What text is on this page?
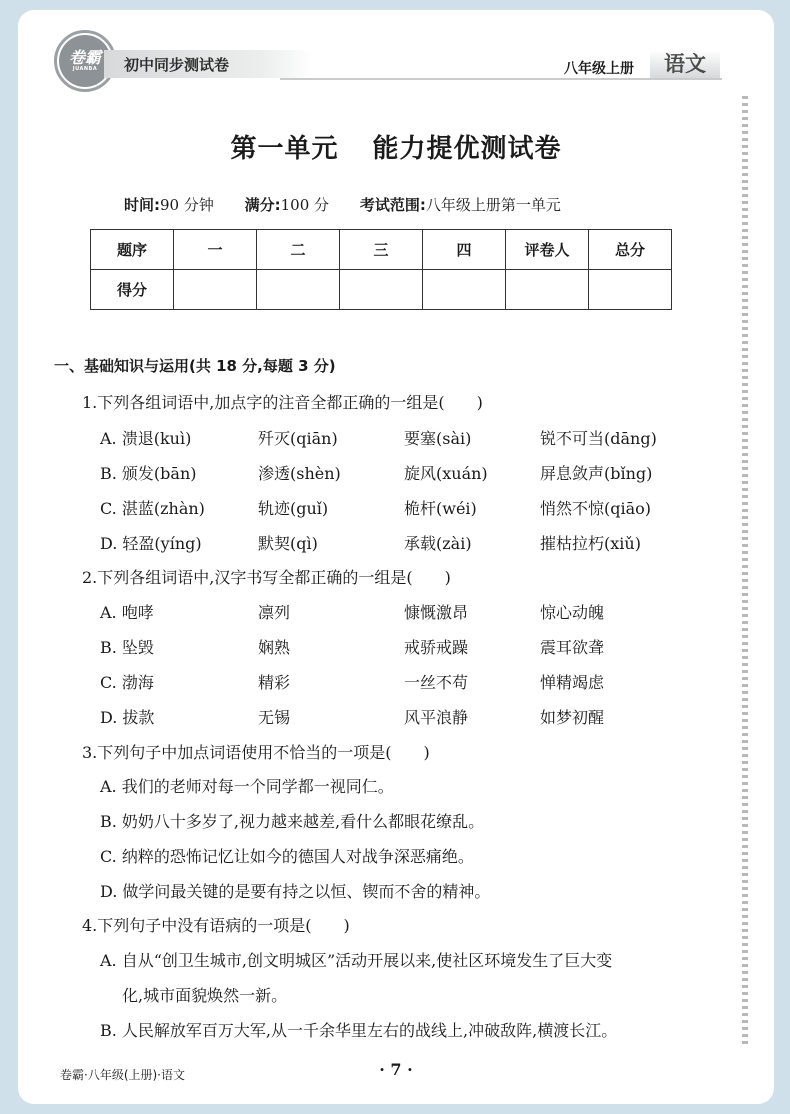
卷霸
JUANBA 初中同步测试卷	八年级上册	语文
第一单元 能力提优测试卷
时间:90 分钟 满分:100 分 考试范围:八年级上册第一单元
题序	一	二	三	四	评卷人	总分
得分						
一、基础知识与运用(共 18 分,每题 3 分)
1.下列各组词语中,加点字的注音全都正确的一组是(　　)
A. 溃退(kuì)	歼灭(qiān)	要塞(sài)	锐不可当(dāng)
B. 颁发(bān)	渗透(shèn)	旋风(xuán)	屏息敛声(bǐng)
C. 湛蓝(zhàn)	轨迹(guǐ)	桅杆(wéi)	悄然不惊(qiāo)
D. 轻盈(yíng)	默契(qì)	承载(zài)	摧枯拉朽(xiǔ)
2.下列各组词语中,汉字书写全都正确的一组是(　　)
A. 咆哮	凛列	慷慨激昂	惊心动魄
B. 坠毁	娴熟	戒骄戒躁	震耳欲聋
C. 渤海	精彩	一丝不苟	惮精竭虑
D. 拔款	无锡	风平浪静	如梦初醒
3.下列句子中加点词语使用不恰当的一项是(　　)
A. 我们的老师对每一个同学都一视同仁。
B. 奶奶八十多岁了,视力越来越差,看什么都眼花缭乱。
C. 纳粹的恐怖记忆让如今的德国人对战争深恶痛绝。
D. 做学问最关键的是要有持之以恒、锲而不舍的精神。
4.下列句子中没有语病的一项是(　　)
A. 自从“创卫生城市,创文明城区”活动开展以来,使社区环境发生了巨大变
化,城市面貌焕然一新。
B. 人民解放军百万大军,从一千余华里左右的战线上,冲破敌阵,横渡长江。
卷霸·八年级(上册)·语文	· 7 ·
